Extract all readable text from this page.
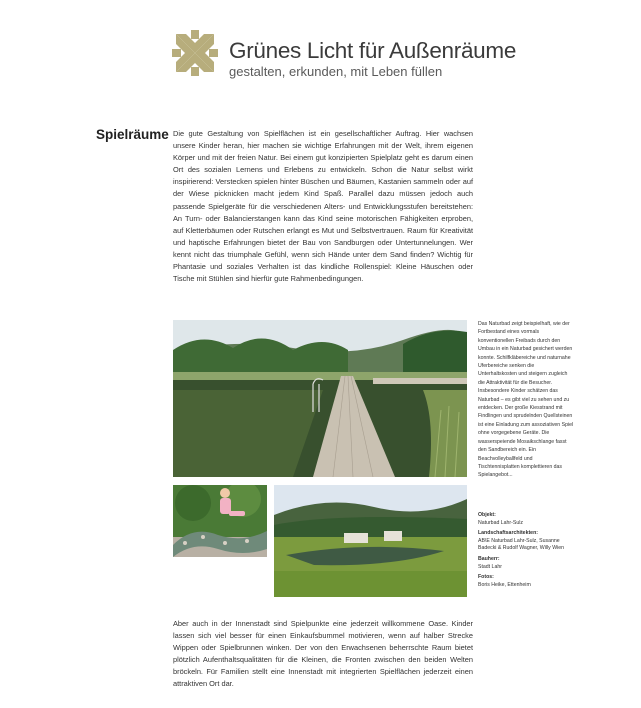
Grünes Licht für Außenräume
gestalten, erkunden, mit Leben füllen
Spielräume Die gute Gestaltung von Spielflächen ist ein gesellschaftlicher Auftrag. Hier wachsen unsere Kinder heran, hier machen sie wichtige Erfahrungen mit der Welt, ihrem eigenen Körper und mit der freien Natur. Bei einem gut konzipierten Spielplatz geht es darum einen Ort des sozialen Lernens und Erlebens zu entwickeln. Schon die Natur selbst wirkt inspirierend: Verstecken spielen hinter Büschen und Bäumen, Kastanien sammeln oder auf der Wiese picknicken macht jedem Kind Spaß. Parallel dazu müssen jedoch auch passende Spielgeräte für die verschiedenen Alters- und Entwicklungsstufen bereitstehen: An Turn- oder Balancierstangen kann das Kind seine motorischen Fähigkeiten erproben, auf Kletterbäumen oder Rutschen erlangt es Mut und Selbstvertrauen. Raum für Kreativität und haptische Erfahrungen bietet der Bau von Sandburgen oder Untertunnelungen. Wer kennt nicht das triumphale Gefühl, wenn sich Hände unter dem Sand finden? Wichtig für Phantasie und soziales Verhalten ist das kindliche Rollenspiel: Kleine Häuschen oder Tische mit Stühlen sind hierfür gute Rahmenbedingungen.

Das Naturbad zeigt beispielhaft, wie der Fortbestand eines vormals konventionellen Freibads durch den Umbau in ein Naturbad gesichert werden konnte. Schilfkläbereiche und naturnahe Uferbereiche senken die Unterhaltskosten und steigern zugleich die Attraktivität für die Besucher. Insbesondere Kinder schätzen das Naturbad – es gibt viel zu sehen und zu entdecken. Der große Kiesstrand mit Findlingen und sprudelnden Quellsteinen ist eine Einladung zum assoziativen Spiel ohne vorgegebene Geräte. Die wasserspeiende Mosaikschlange fasst den Sandbereich ein. Ein Beachvolleyballfeld und Tischtennisplatten komplettieren das Spielangebot...

Objekt:
Naturbad Lahr-Sulz
Landschaftsarchitekten:
AB\E Naturbad Lahr-Sulz, Susanne Badecki & Rudolf Wagner, Willy Wien
Bauherr:
Stadt Lahr
Fotos:
Boris Heike, Ettenheim

Aber auch in der Innenstadt sind Spielpunkte eine jederzeit willkommene Oase. Kinder lassen sich viel besser für einen Einkaufsbummel motivieren, wenn auf halber Strecke Wippen oder Spielbrunnen winken. Der von den Erwachsenen beherrschte Raum bietet plötzlich Aufenthaltsqualitäten für die Kleinen, die Fronten zwischen den beiden Welten bröckeln. Für Familien stellt eine Innenstadt mit integrierten Spielflächen jederzeit einen attraktiven Ort dar.
